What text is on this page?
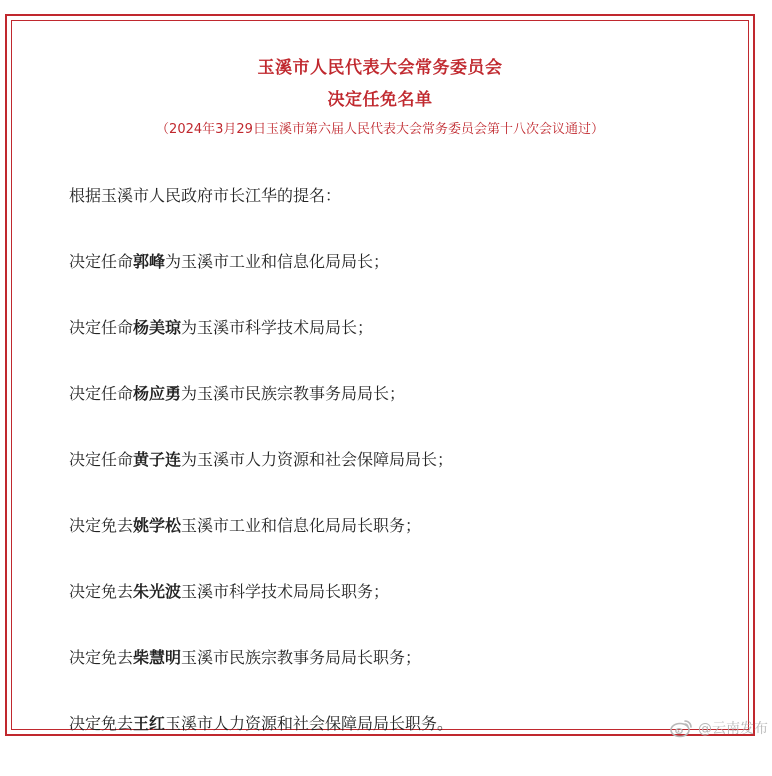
玉溪市人民代表大会常务委员会
决定任免名单
（2024年3月29日玉溪市第六届人民代表大会常务委员会第十八次会议通过）
根据玉溪市人民政府市长江华的提名：
决定任命郭峰为玉溪市工业和信息化局局长；
决定任命杨美琼为玉溪市科学技术局局长；
决定任命杨应勇为玉溪市民族宗教事务局局长；
决定任命黄子连为玉溪市人力资源和社会保障局局长；
决定免去姚学松玉溪市工业和信息化局局长职务；
决定免去朱光波玉溪市科学技术局局长职务；
决定免去柴慧明玉溪市民族宗教事务局局长职务；
决定免去王红玉溪市人力资源和社会保障局局长职务。	@云南发布
